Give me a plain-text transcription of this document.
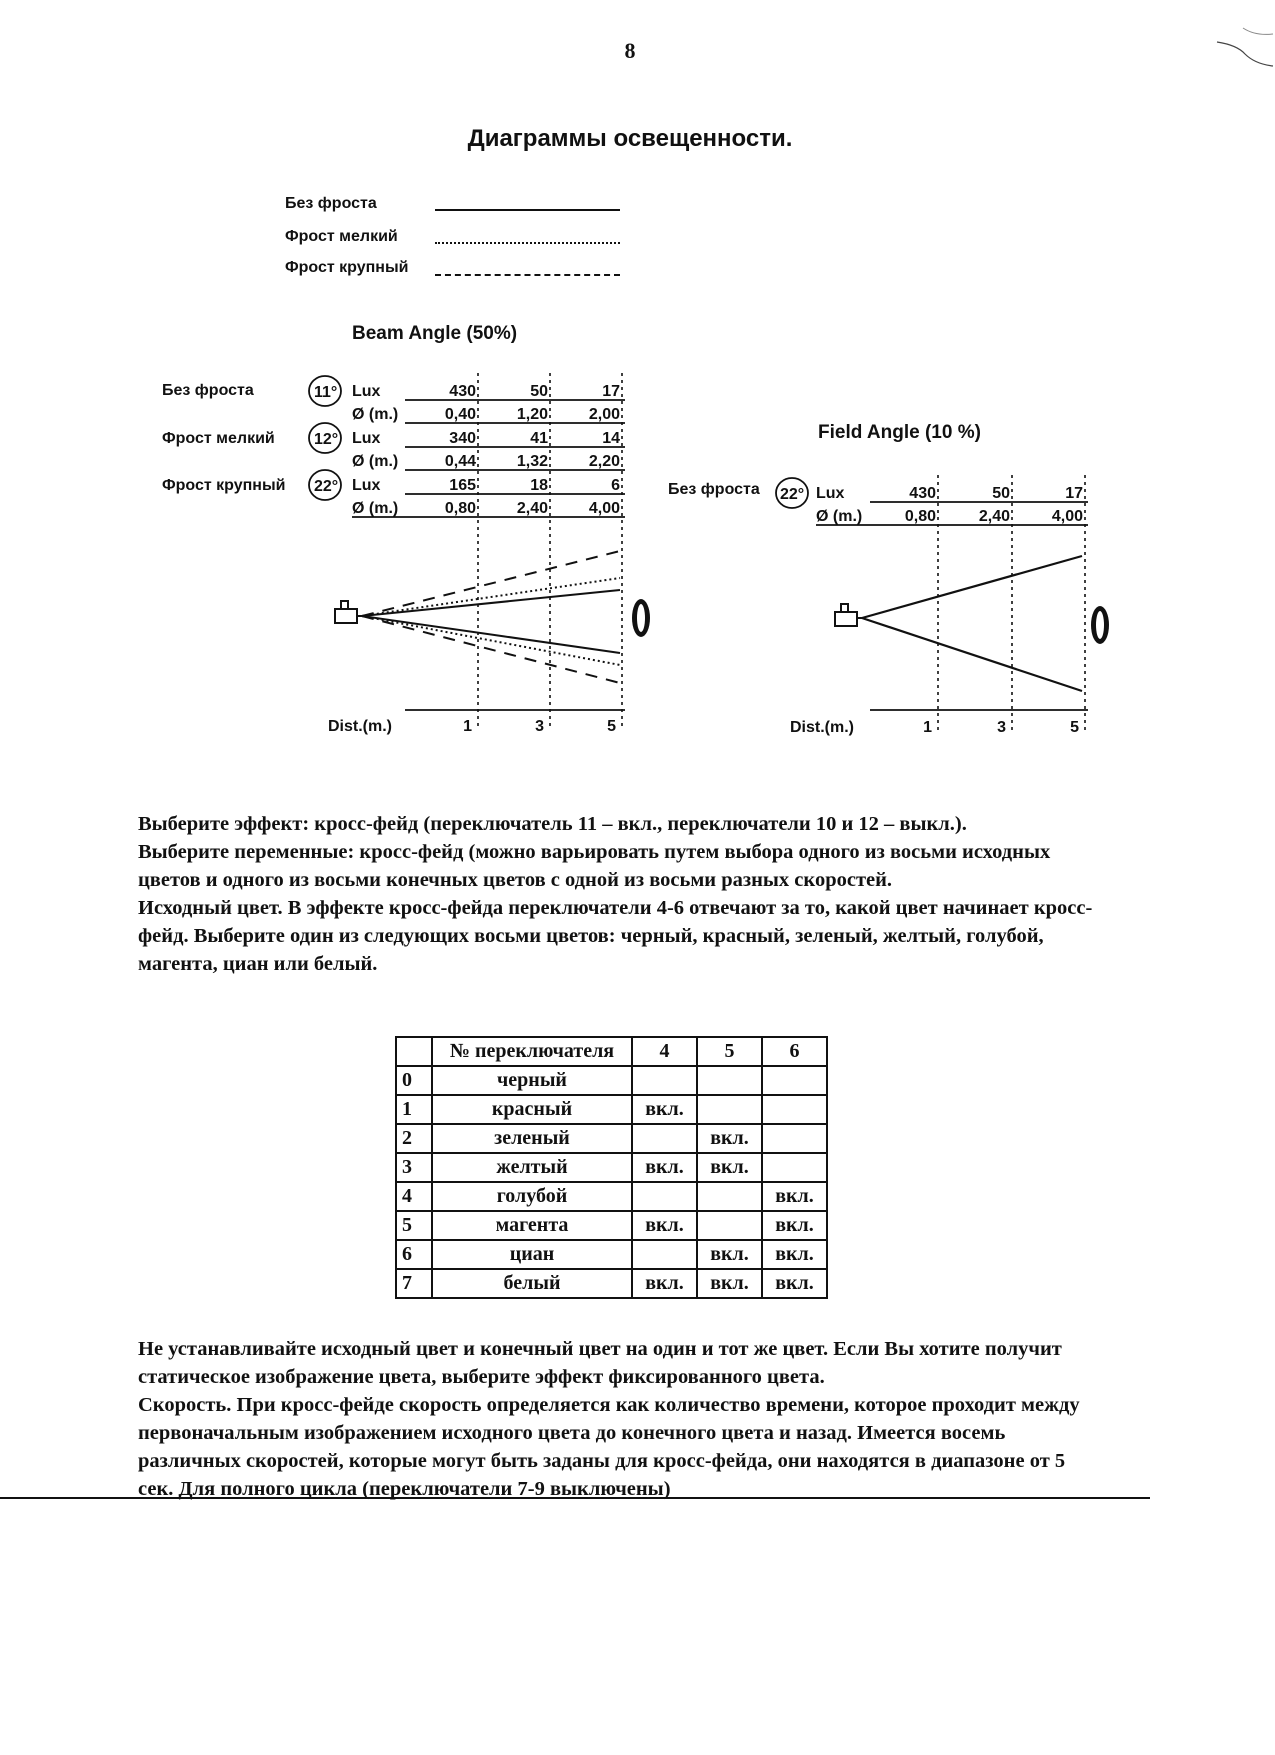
8
Диаграммы освещенности.
Без фроста
Фрост мелкий
Фрост крупный
Beam Angle (50%)
Без фроста
Фрост мелкий
Фрост крупный
11°
12°
22°
Lux	430	50	17
Ø (m.)	0,40	1,20	2,00
Lux	340	41	14
Ø (m.)	0,44	1,32	2,20
Lux	165	18	6
Ø (m.)	0,80	2,40	4,00
Dist.(m.)	1	3	5
Field Angle (10 %)
Без фроста 22° Lux	430	50	17
Ø (m.)	0,80	2,40	4,00
Dist.(m.)	1	3	5

Выберите эффект: кросс-фейд (переключатель 11 – вкл., переключатели 10 и 12 – выкл.).

Выберите переменные: кросс-фейд (можно варьировать путем выбора одного из восьми исходных цветов и одного из восьми конечных цветов с одной из восьми разных скоростей.

Исходный цвет. В эффекте кросс-фейда переключатели 4-6 отвечают за то, какой цвет начинает кросс-фейд. Выберите один из следующих восьми цветов: черный, красный, зеленый, желтый, голубой, магента, циан или белый.

	№ переключателя	4	5	6
0	черный			
1	красный	вкл.		
2	зеленый		вкл.	
3	желтый	вкл.	вкл.	
4	голубой			вкл.
5	магента	вкл.		вкл.
6	циан		вкл.	вкл.
7	белый	вкл.	вкл.	вкл.

Не устанавливайте исходный цвет и конечный цвет на один и тот же цвет. Если Вы хотите получит статическое изображение цвета, выберите эффект фиксированного цвета.

Скорость. При кросс-фейде скорость определяется как количество времени, которое проходит между первоначальным изображением исходного цвета до конечного цвета и назад. Имеется восемь различных скоростей, которые могут быть заданы для кросс-фейда, они находятся в диапазоне от 5 сек. Для полного цикла (переключатели 7-9 выключены)
